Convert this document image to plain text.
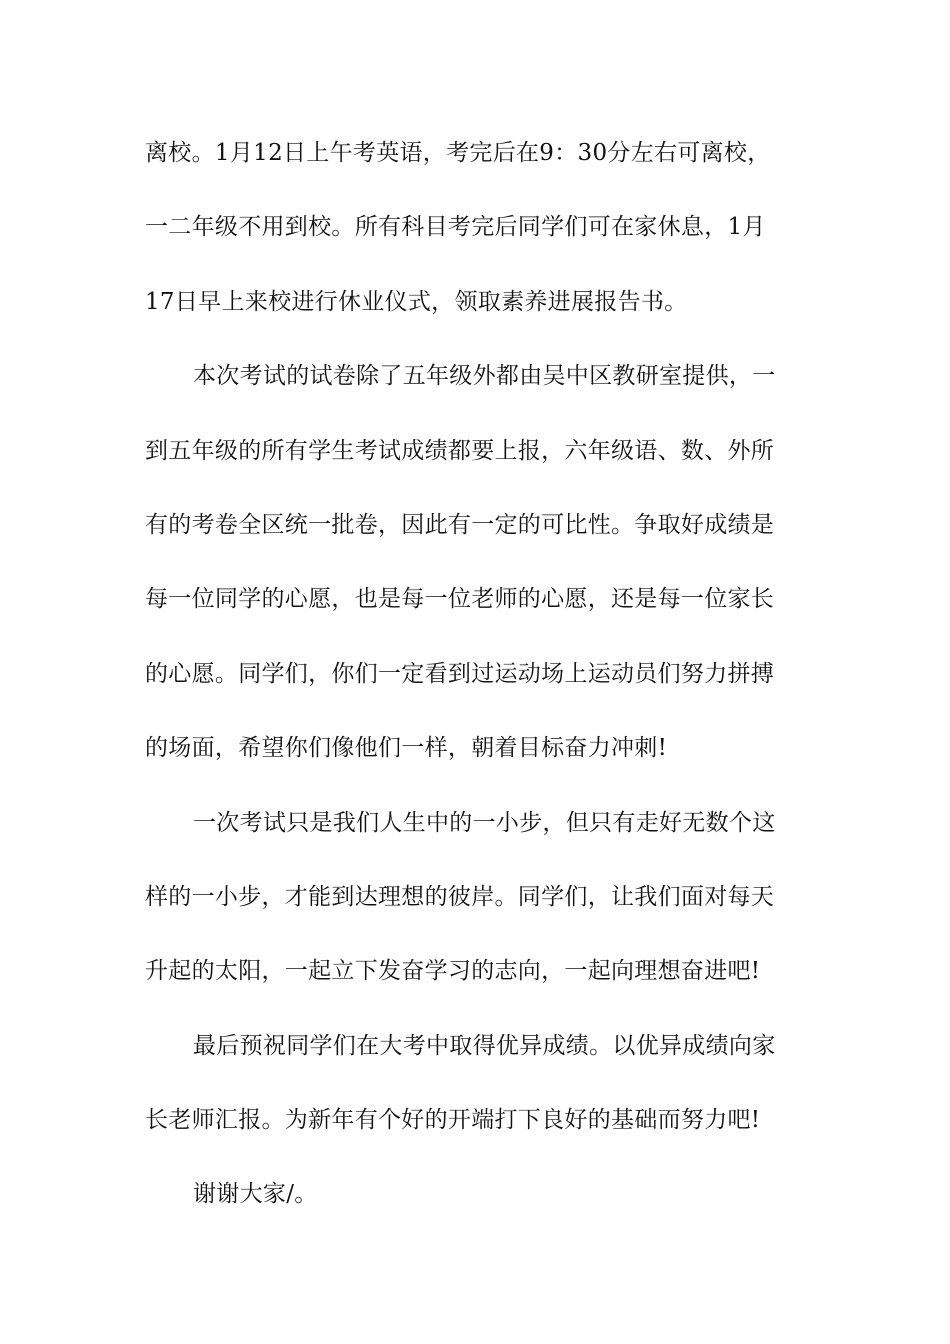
离校。1月12日上午考英语，考完后在9：30分左右可离校，
一二年级不用到校。所有科目考完后同学们可在家休息，1月
17日早上来校进行休业仪式，领取素养进展报告书。
本次考试的试卷除了五年级外都由吴中区教研室提供，一
到五年级的所有学生考试成绩都要上报，六年级语、数、外所
有的考卷全区统一批卷，因此有一定的可比性。争取好成绩是
每一位同学的心愿，也是每一位老师的心愿，还是每一位家长
的心愿。同学们，你们一定看到过运动场上运动员们努力拼搏
的场面，希望你们像他们一样，朝着目标奋力冲刺!
一次考试只是我们人生中的一小步，但只有走好无数个这
样的一小步，才能到达理想的彼岸。同学们，让我们面对每天
升起的太阳，一起立下发奋学习的志向，一起向理想奋进吧!
最后预祝同学们在大考中取得优异成绩。以优异成绩向家
长老师汇报。为新年有个好的开端打下良好的基础而努力吧!
谢谢大家/。
